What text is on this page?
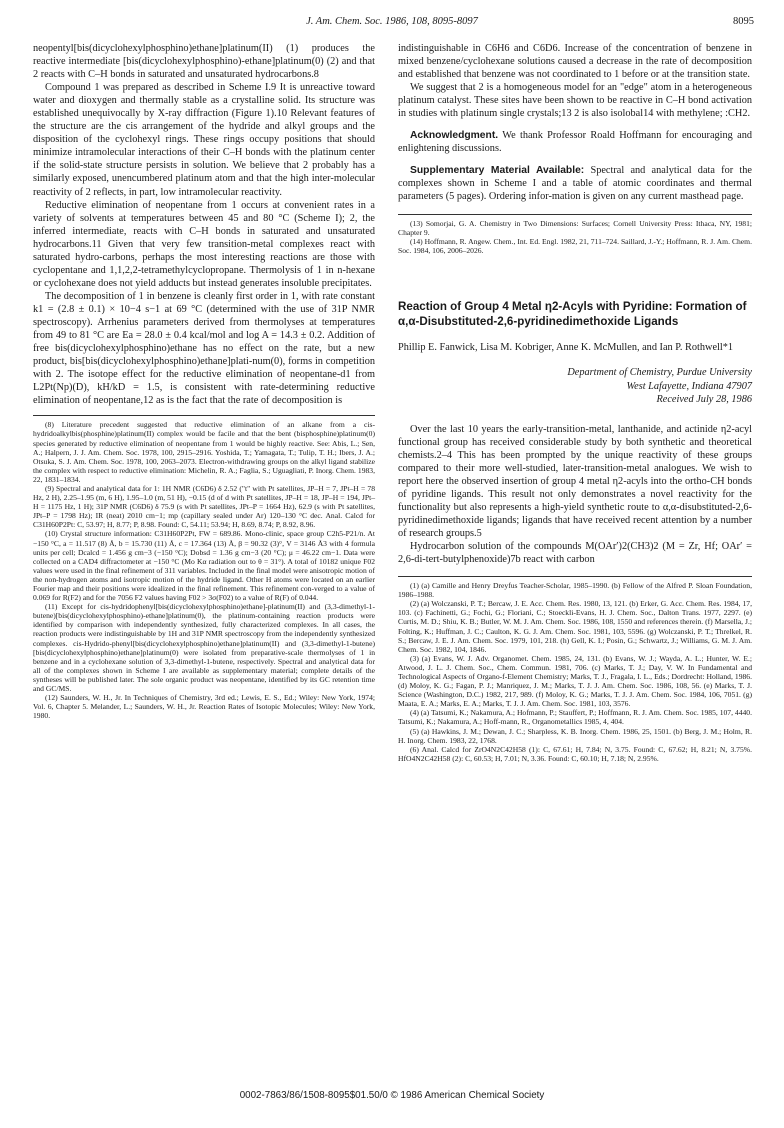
J. Am. Chem. Soc. 1986, 108, 8095-8097	8095

neopentyl[bis(dicyclohexylphosphino)ethane]platinum(II) (1) produces the reactive intermediate [bis(dicyclohexylphosphino)-ethane]platinum(0) (2) and that 2 reacts with C–H bonds in saturated and unsaturated hydrocarbons.8

Compound 1 was prepared as described in Scheme I.9 It is unreactive toward water and dioxygen and thermally stable as a crystalline solid. Its structure was established unequivocally by X-ray diffraction (Figure 1).10 Relevant features of the structure are the cis arrangement of the hydride and alkyl groups and the disposition of the cyclohexyl rings. These rings occupy positions that should minimize intramolecular interactions of their C–H bonds with the platinum center if the solid-state structure persists in solution. We believe that 2 probably has a similarly exposed, unencumbered platinum atom and that the high inter-molecular reactivity of 2 reflects, in part, low intramolecular reactivity.

Reductive elimination of neopentane from 1 occurs at convenient rates in a variety of solvents at temperatures between 45 and 80 °C (Scheme I); 2, the inferred intermediate, reacts with C–H bonds in saturated and unsaturated hydrocarbons.11 Given that very few transition-metal complexes react with saturated hydro-carbons, perhaps the most interesting reactions are those with cyclopentane and 1,1,2,2-tetramethylcyclopropane. Thermolysis of 1 in n-hexane or cyclohexane does not yield adducts but instead generates insoluble precipitates.

The decomposition of 1 in benzene is cleanly first order in 1, with rate constant k1 = (2.8 ± 0.1) × 10−4 s−1 at 69 °C (determined with the use of 31P NMR spectroscopy). Arrhenius parameters derived from thermolyses at temperatures from 49 to 81 °C are Ea = 28.0 ± 0.4 kcal/mol and log A = 14.3 ± 0.2. Addition of free bis(dicyclohexylphosphino)ethane has no effect on the rate, but a new product, bis[bis(dicyclohexylphosphino)ethane]plati-num(0), forms in competition with 2. The isotope effect for the reductive elimination of neopentane-d1 from L2Pt(Np)(D), kH/kD = 1.5, is consistent with rate-determining reductive elimination of neopentane,12 as is the fact that the rate of decomposition is

(8) Literature precedent suggested that reductive elimination of an alkane from a cis-hydridoalkylbis(phosphine)platinum(II) complex would be facile and that the bent (bisphosphine)platinum(0) species generated by reductive elimination of neopentane from 1 would be highly reactive. See: Abis, L.; Sen, A.; Halpern, J. J. Am. Chem. Soc. 1978, 100, 2915–2916. Yoshida, T.; Yamagata, T.; Tulip, T. H.; Ibers, J. A.; Otsuka, S. J. Am. Chem. Soc. 1978, 100, 2063–2073. Electron-withdrawing groups on the alkyl ligand stabilize the complex with respect to reductive elimination: Michelin, R. A.; Faglia, S.; Uguagliati, P. Inorg. Chem. 1983, 22, 1831–1834.

(9) Spectral and analytical data for 1: 1H NMR (C6D6) δ 2.52 ("t" with Pt satellites, JP–H = 7, JPt–H = 78 Hz, 2 H), 2.25–1.95 (m, 6 H), 1.95–1.0 (m, 51 H), −0.15 (d of d with Pt satellites, JP–H = 18, JP–H = 194, JPt–H = 1175 Hz, 1 H); 31P NMR (C6D6) δ 75.9 (s with Pt satellites, JPt–P = 1664 Hz), 62.9 (s with Pt satellites, JPt–P = 1798 Hz); IR (neat) 2010 cm−1; mp (capillary sealed under Ar) 120–130 °C dec. Anal. Calcd for C31H60P2Pt: C, 53.97; H, 8.77; P, 8.98. Found: C, 54.11; 53.94; H, 8.69, 8.74; P, 8.92, 8.96.

(10) Crystal structure information: C31H60P2Pt, FW = 689.86. Mono-clinic, space group C2h5-P21/n. At −150 °C, a = 11.517 (8) Å, b = 15.730 (11) Å, c = 17.364 (13) Å, β = 90.32 (3)°, V = 3146 Å3 with 4 formula units per cell; Dcalcd = 1.456 g cm−3 (−150 °C); Dobsd = 1.36 g cm−3 (20 °C); μ = 46.22 cm−1. Data were collected on a CAD4 diffractometer at −150 °C (Mo Kα radiation out to θ = 31°). A total of 10182 unique F02 values were used in the final refinement of 311 variables. Included in the final model were anisotropic motion of the non-hydrogen atoms and isotropic motion of the hydride ligand. Other H atoms were located on an earlier Fourier map and their positions were idealized in the final refinement. This refinement con-verged to a value of 0.069 for R(F2) and for the 7056 F2 values having F02 > 3σ(F02) to a value of R(F) of 0.044.

(11) Except for cis-hydridophenyl[bis(dicyclohexylphosphino)ethane]-platinum(II) and (3,3-dimethyl-1-butene)[bis(dicyclohexylphosphino)-ethane]platinum(0), the platinum-containing reaction products were identified by comparison with independently synthesized, fully characterized complexes. In all cases, the reaction products were indistinguishable by 1H and 31P NMR spectroscopy from the independently synthesized complexes. cis-Hydrido-phenyl[bis(dicyclohexylphosphino)ethane]platinum(II) and (3,3-dimethyl-1-butene)[bis(dicyclohexylphosphino)ethane]platinum(0) were isolated from preparative-scale thermolyses of 1 in benzene and in a cyclohexane solution of 3,3-dimethyl-1-butene, respectively. Spectral and analytical data for all of the complexes shown in Scheme I are available as supplementary material; complete details of the syntheses will be published later. The sole organic product was neopentane, identified by its GC retention time and GC/MS.

(12) Saunders, W. H., Jr. In Techniques of Chemistry, 3rd ed.; Lewis, E. S., Ed.; Wiley: New York, 1974; Vol. 6, Chapter 5. Melander, L.; Saunders, W. H., Jr. Reaction Rates of Isotopic Molecules; Wiley: New York, 1980.

indistinguishable in C6H6 and C6D6. Increase of the concentration of benzene in mixed benzene/cyclohexane solutions caused a decrease in the rate of decomposition and established that benzene was not coordinated to 1 before or at the transition state.

We suggest that 2 is a homogeneous model for an "edge" atom in a heterogeneous platinum catalyst. These sites have been shown to be reactive in C–H bond activation in studies with platinum single crystals;13 2 is also isolobal14 with methylene; :CH2.

Acknowledgment. We thank Professor Roald Hoffmann for encouraging and enlightening discussions.

Supplementary Material Available: Spectral and analytical data for the complexes shown in Scheme I and a table of atomic coordinates and thermal parameters (5 pages). Ordering infor-mation is given on any current masthead page.

(13) Somorjai, G. A. Chemistry in Two Dimensions: Surfaces; Cornell University Press: Ithaca, NY, 1981; Chapter 9.

(14) Hoffmann, R. Angew. Chem., Int. Ed. Engl. 1982, 21, 711–724. Saillard, J.-Y.; Hoffmann, R. J. Am. Chem. Soc. 1984, 106, 2006–2026.

Reaction of Group 4 Metal η2-Acyls with Pyridine: Formation of α,α-Disubstituted-2,6-pyridinedimethoxide Ligands

Phillip E. Fanwick, Lisa M. Kobriger, Anne K. McMullen, and Ian P. Rothwell*1

Department of Chemistry, Purdue University

West Lafayette, Indiana 47907

Received July 28, 1986

Over the last 10 years the early-transition-metal, lanthanide, and actinide η2-acyl functional group has received considerable study by both synthetic and theoretical chemists.2–4 This has been prompted by the unique reactivity of these groups compared to their more well-studied, later-transition-metal analogues. We wish to report here the observed insertion of group 4 metal η2-acyls into the ortho-CH bonds of pyridine ligands. This result not only demonstrates a novel reactivity for the functionality but also represents a high-yield synthetic route to α,α-disubstituted-2,6-pyridinedimethoxide ligands; ligands that have received recent attention by a number of research groups.5

Hydrocarbon solution of the compounds M(OAr′)2(CH3)2 (M = Zr, Hf; OAr′ = 2,6-di-tert-butylphenoxide)7b react with carbon

(1) (a) Camille and Henry Dreyfus Teacher-Scholar, 1985–1990. (b) Fellow of the Alfred P. Sloan Foundation, 1986–1988.

(2) (a) Wolczanski, P. T.; Bercaw, J. E. Acc. Chem. Res. 1980, 13, 121. (b) Erker, G. Acc. Chem. Res. 1984, 17, 103. (c) Fachinetti, G.; Fochi, G.; Floriani, C.; Stoeckli-Evans, H. J. Chem. Soc., Dalton Trans. 1977, 2297. (e) Curtis, M. D.; Shiu, K. B.; Butler, W. M. J. Am. Chem. Soc. 1986, 108, 1550 and references therein. (f) Marsella, J.; Folting, K.; Huffman, J. C.; Caulton, K. G. J. Am. Chem. Soc. 1981, 103, 5596. (g) Wolczanski, P. T.; Threlkel, R. S.; Bercaw, J. E. J. Am. Chem. Soc. 1979, 101, 218. (h) Gell, K. I.; Posin, G.; Schwartz, J.; Williams, G. M. J. Am. Chem. Soc. 1982, 104, 1846.

(3) (a) Evans, W. J. Adv. Organomet. Chem. 1985, 24, 131. (b) Evans, W. J.; Wayda, A. L.; Hunter, W. E.; Atwood, J. L. J. Chem. Soc., Chem. Commun. 1981, 706. (c) Marks, T. J.; Day, V. W. In Fundamental and Technological Aspects of Organo-f-Element Chemistry; Marks, T. J., Fragala, I. L., Eds.; Dordrecht: Holland, 1986. (d) Moloy, K. G.; Fagan, P. J.; Manriquez, J. M.; Marks, T. J. J. Am. Chem. Soc. 1986, 108, 56. (e) Marks, T. J. Science (Washington, D.C.) 1982, 217, 989. (f) Moloy, K. G.; Marks, T. J. J. Am. Chem. Soc. 1984, 106, 7051. (g) Maata, E. A.; Marks, E. A.; Marks, T. J. J. Am. Chem. Soc. 1981, 103, 3576.

(4) (a) Tatsumi, K.; Nakamura, A.; Hofmann, P.; Stauffert, P.; Hoffmann, R. J. Am. Chem. Soc. 1985, 107, 4440. Tatsumi, K.; Nakamura, A.; Hoff-mann, R., Organometallics 1985, 4, 404.

(5) (a) Hawkins, J. M.; Dewan, J. C.; Sharpless, K. B. Inorg. Chem. 1986, 25, 1501. (b) Berg, J. M.; Holm, R. H. Inorg. Chem. 1983, 22, 1768.

(6) Anal. Calcd for ZrO4N2C42H58 (1): C, 67.61; H, 7.84; N, 3.75. Found: C, 67.62; H, 8.21; N, 3.75%. HfO4N2C42H58 (2): C, 60.53; H, 7.01; N, 3.36. Found: C, 60.10; H, 7.18; N, 2.95%.

0002-7863/86/1508-8095$01.50/0 © 1986 American Chemical Society
